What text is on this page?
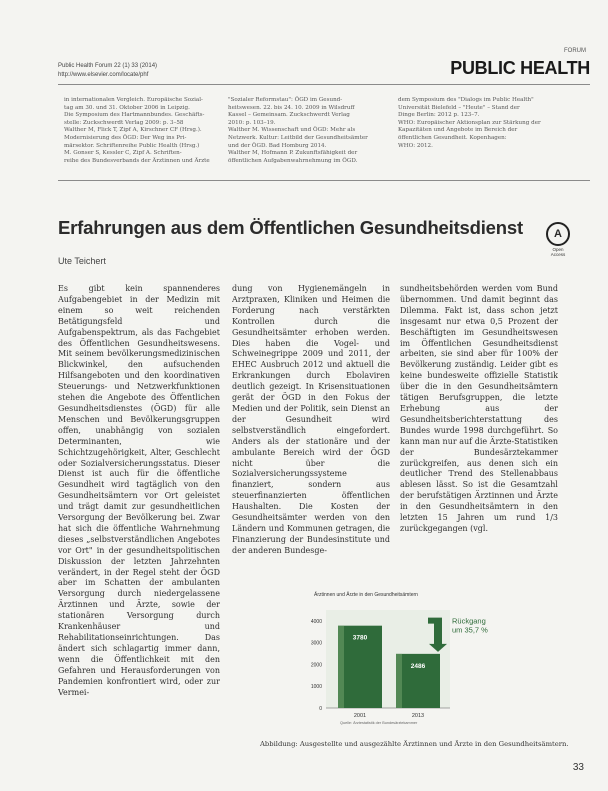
Public Health Forum 22 (1) 33 (2014)
http://www.elsevier.com/locate/phf
FORUM
PUBLIC HEALTH

in internationalen Vergleich. Europäische Sozial-

tag am 30. und 31. Oktober 2006 in Leipzig.

Die Symposium des Hartmannbundes. Geschäfts-

stelle: Zuckschwerdt Verlag 2009: p. 3–58

Walther M, Flick T, Zipf A, Kirschner CF (Hrsg.).

Modernisierung des ÖGD: Der Weg ins Pri-

märsektor. Schriftenreihe Public Health (Hrsg.)

M. Gonser S, Kessler C, Zipf A. Schriften-

reihe des Bundesverbands der Ärztinnen und Ärzte

"Sozialer Reformstau": ÖGD im Gesund-

heitswesen. 22. bis 24. 10. 2009 in Wilsdruff

Kassel – Gemeinsam. Zuckschwerdt Verlag

2010: p. 103–19.

Walther M. Wissenschaft und ÖGD: Mehr als

Netzwerk. Kultur: Leitbild der Gesundheitsämter

und der ÖGD. Bad Homburg 2014.

Walther M, Hofmann P. Zukunftsfähigkeit der

öffentlichen Aufgabenwahrnehmung im ÖGD.

dem Symposium des "Dialogs im Public Health"

Universität Bielefeld – "Heute" – Stand der

Dinge Berlin: 2012 p. 123–7.

WHO: Europäischer Aktionsplan zur Stärkung der

Kapazitäten und Angebote im Bereich der

öffentlichen Gesundheit. Kopenhagen:

WHO: 2012.

Erfahrungen aus dem Öffentlichen Gesundheitsdienst	A
Open Access
Ute Teichert

Es gibt kein spannenderes Aufgabengebiet in der Medizin mit einem so weit reichenden Betätigungsfeld und Aufgabenspektrum, als das Fachgebiet des Öffentlichen Gesundheitswesens. Mit seinem bevölkerungsmedizinischen Blickwinkel, den aufsuchenden Hilfsangeboten und den koordinativen Steuerungs- und Netzwerkfunktionen stehen die Angebote des Öffentlichen Gesundheitsdienstes (ÖGD) für alle Menschen und Bevölkerungsgruppen offen, unabhängig von sozialen Determinanten, wie Schichtzugehörigkeit, Alter, Geschlecht oder Sozialversicherungsstatus. Dieser Dienst ist auch für die öffentliche Gesundheit wird tagtäglich von den Gesundheitsämtern vor Ort geleistet und trägt damit zur gesundheitlichen Versorgung der Bevölkerung bei. Zwar hat sich die öffentliche Wahrnehmung dieses „selbstverständlichen Angebotes vor Ort" in der gesundheitspolitischen Diskussion der letzten Jahrzehnten verändert, in der Regel steht der ÖGD aber im Schatten der ambulanten Versorgung durch niedergelassene Ärztinnen und Ärzte, sowie der stationären Versorgung durch Krankenhäuser und Rehabilitationseinrichtungen. Das ändert sich schlagartig immer dann, wenn die Öffentlichkeit mit den Gefahren und Herausforderungen von Pandemien konfrontiert wird, oder zur Vermei-

dung von Hygienemängeln in Arztpraxen, Kliniken und Heimen die Forderung nach verstärkten Kontrollen durch die Gesundheitsämter erhoben werden. Dies haben die Vogel- und Schweinegrippe 2009 und 2011, der EHEC Ausbruch 2012 und aktuell die Erkrankungen durch Ebolaviren deutlich gezeigt. In Krisensituationen gerät der ÖGD in den Fokus der Medien und der Politik, sein Dienst an der Gesundheit wird selbstverständlich eingefordert. Anders als der stationäre und der ambulante Bereich wird der ÖGD nicht über die Sozialversicherungssysteme finanziert, sondern aus steuerfinanzierten öffentlichen Haushalten. Die Kosten der Gesundheitsämter werden von den Ländern und Kommunen getragen, die Finanzierung der Bundesinstitute und der anderen Bundesge-

sundheitsbehörden werden vom Bund übernommen. Und damit beginnt das Dilemma. Fakt ist, dass schon jetzt insgesamt nur etwa 0,5 Prozent der Beschäftigten im Gesundheitswesen im Öffentlichen Gesundheitsdienst arbeiten, sie sind aber für 100% der Bevölkerung zuständig. Leider gibt es keine bundesweite offizielle Statistik über die in den Gesundheitsämtern tätigen Berufsgruppen, die letzte Erhebung aus der Gesundheitsberichterstattung des Bundes wurde 1998 durchgeführt. So kann man nur auf die Ärzte-Statistiken der Bundesärztekammer zurückgreifen, aus denen sich ein deutlicher Trend des Stellenabbaus ablesen lässt. So ist die Gesamtzahl der berufstätigen Ärztinnen und Ärzte in den Gesundheitsämtern in den letzten 15 Jahren um rund 1/3 zurückgegangen (vgl.

Ärztinnen und Ärzte in den Gesundheitsämtern
0
1000
2000
3000
4000
3780
2001
2486
2013
Rückgang
um 35,7 %
Quelle: Ärztestatistik der Bundesärztekammer
Abbildung: Ausgestellte und ausgezählte Ärztinnen und Ärzte in den Gesundheitsämtern.
33
